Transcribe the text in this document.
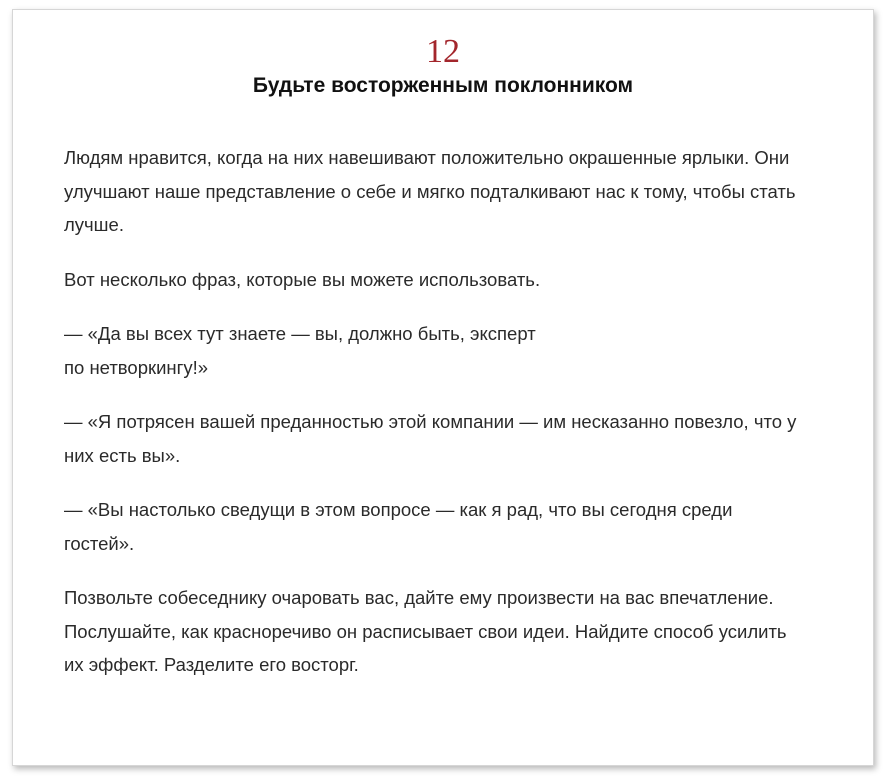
12
Будьте восторженным поклонником

Людям нравится, когда на них навешивают положительно окрашенные ярлыки. Они улучшают наше представление о себе и мягко подталкивают нас к тому, чтобы стать лучше.

Вот несколько фраз, которые вы можете использовать.

— «Да вы всех тут знаете — вы, должно быть, эксперт
по нетворкингу!»

— «Я потрясен вашей преданностью этой компании — им несказанно повезло, что у них есть вы».

— «Вы настолько сведущи в этом вопросе — как я рад, что вы сегодня среди гостей».

Позвольте собеседнику очаровать вас, дайте ему произвести на вас впечатление. Послушайте, как красноречиво он расписывает свои идеи. Найдите способ усилить их эффект. Разделите его восторг.
